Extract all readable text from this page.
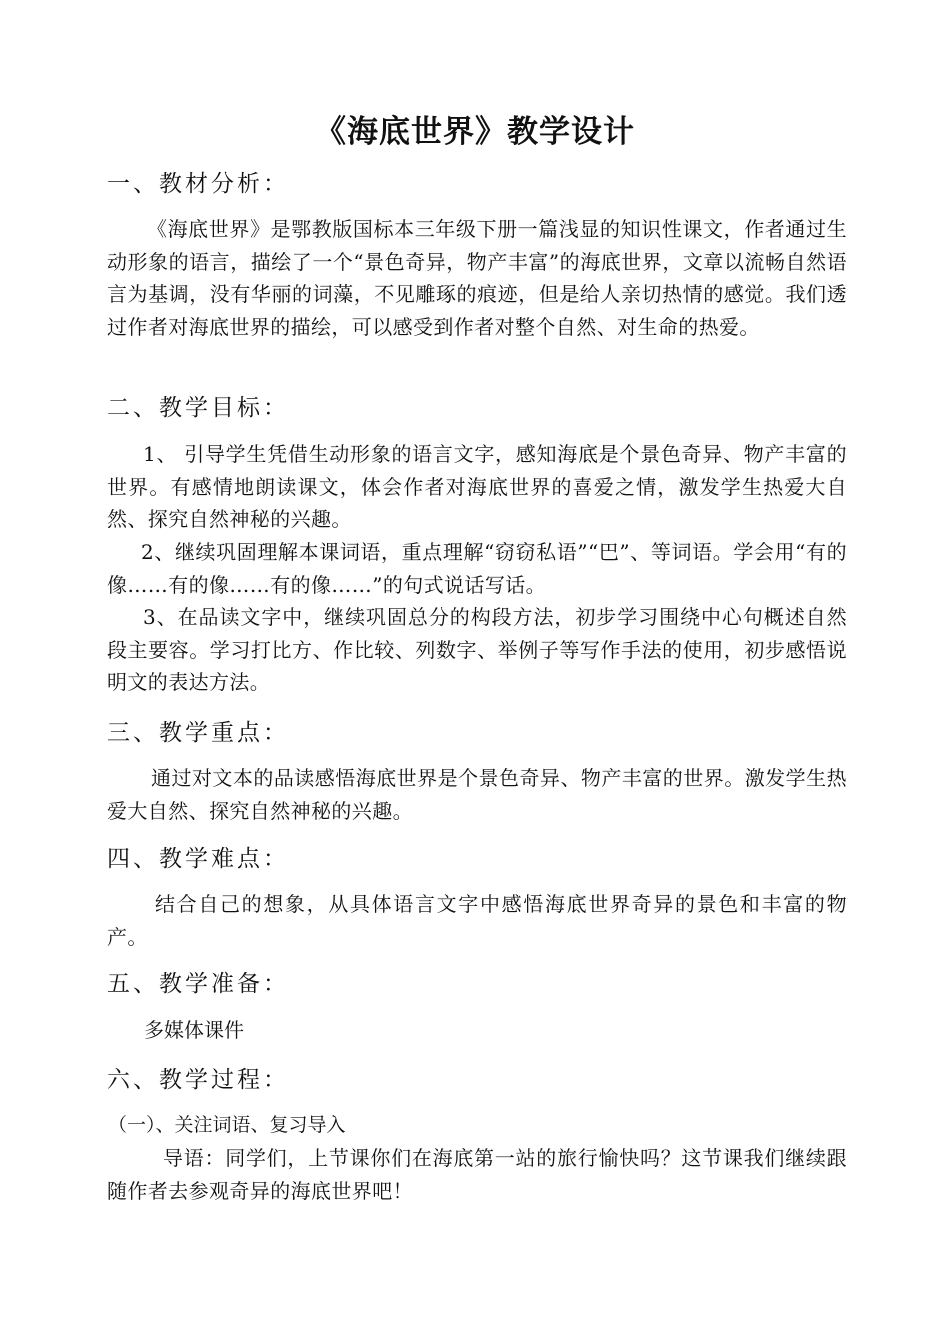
《海底世界》教学设计
一、教材分析：
《海底世界》是鄂教版国标本三年级下册一篇浅显的知识性课文，作者通过生动形象的语言，描绘了一个“景色奇异，物产丰富”的海底世界，文章以流畅自然语言为基调，没有华丽的词藻，不见雕琢的痕迹，但是给人亲切热情的感觉。我们透过作者对海底世界的描绘，可以感受到作者对整个自然、对生命的热爱。
二、教学目标：
1、 引导学生凭借生动形象的语言文字，感知海底是个景色奇异、物产丰富的世界。有感情地朗读课文，体会作者对海底世界的喜爱之情，激发学生热爱大自然、探究自然神秘的兴趣。
2、继续巩固理解本课词语，重点理解“窃窃私语”“巴”、等词语。学会用“有的像……有的像……有的像……”的句式说话写话。
3、在品读文字中，继续巩固总分的构段方法，初步学习围绕中心句概述自然段主要容。学习打比方、作比较、列数字、举例子等写作手法的使用，初步感悟说明文的表达方法。
三、教学重点：
通过对文本的品读感悟海底世界是个景色奇异、物产丰富的世界。激发学生热爱大自然、探究自然神秘的兴趣。
四、教学难点：
结合自己的想象，从具体语言文字中感悟海底世界奇异的景色和丰富的物产。
五、教学准备：
多媒体课件
六、教学过程：
（一）、关注词语、复习导入
导语：同学们，上节课你们在海底第一站的旅行愉快吗？这节课我们继续跟随作者去参观奇异的海底世界吧！
